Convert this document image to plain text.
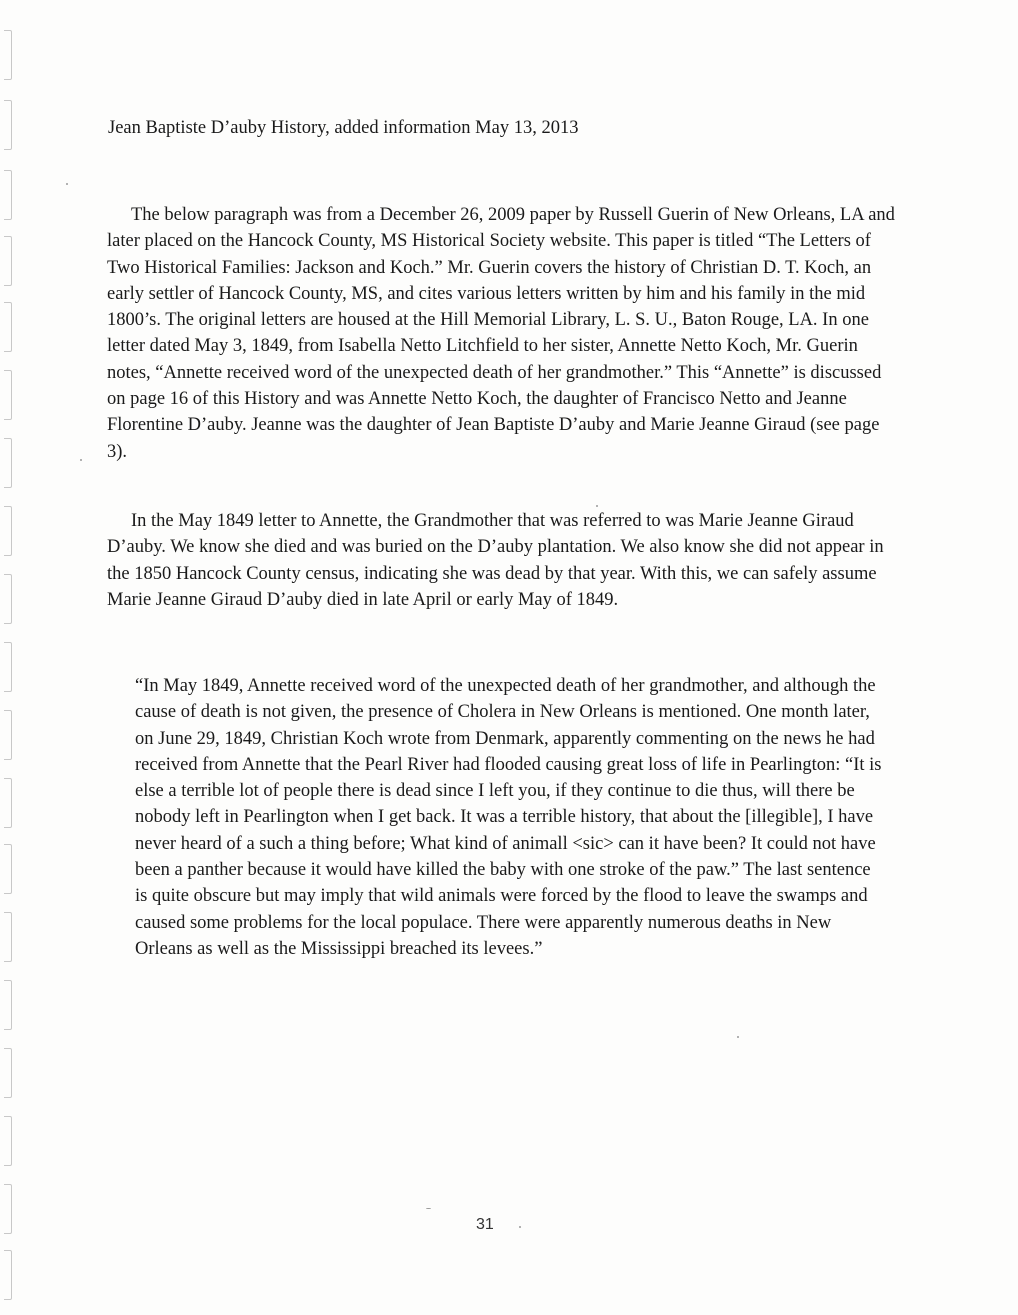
Jean Baptiste D’auby History, added information May 13, 2013

The below paragraph was from a December 26, 2009 paper by Russell Guerin of New Orleans, LA and later placed on the Hancock County, MS Historical Society website. This paper is titled “The Letters of Two Historical Families: Jackson and Koch.” Mr. Guerin covers the history of Christian D. T. Koch, an early settler of Hancock County, MS, and cites various letters written by him and his family in the mid 1800’s. The original letters are housed at the Hill Memorial Library, L. S. U., Baton Rouge, LA. In one letter dated May 3, 1849, from Isabella Netto Litchfield to her sister, Annette Netto Koch, Mr. Guerin notes, “Annette received word of the unexpected death of her grandmother.” This “Annette” is discussed on page 16 of this History and was Annette Netto Koch, the daughter of Francisco Netto and Jeanne Florentine D’auby. Jeanne was the daughter of Jean Baptiste D’auby and Marie Jeanne Giraud (see page 3).

In the May 1849 letter to Annette, the Grandmother that was referred to was Marie Jeanne Giraud D’auby. We know she died and was buried on the D’auby plantation. We also know she did not appear in the 1850 Hancock County census, indicating she was dead by that year. With this, we can safely assume Marie Jeanne Giraud D’auby died in late April or early May of 1849.

“In May 1849, Annette received word of the unexpected death of her grandmother, and although the cause of death is not given, the presence of Cholera in New Orleans is mentioned. One month later, on June 29, 1849, Christian Koch wrote from Denmark, apparently commenting on the news he had received from Annette that the Pearl River had flooded causing great loss of life in Pearlington: “It is else a terrible lot of people there is dead since I left you, if they continue to die thus, will there be nobody left in Pearlington when I get back. It was a terrible history, that about the [illegible], I have never heard of a such a thing before; What kind of animall <sic> can it have been? It could not have been a panther because it would have killed the baby with one stroke of the paw.” The last sentence is quite obscure but may imply that wild animals were forced by the flood to leave the swamps and caused some problems for the local populace. There were apparently numerous deaths in New Orleans as well as the Mississippi breached its levees.”

31
